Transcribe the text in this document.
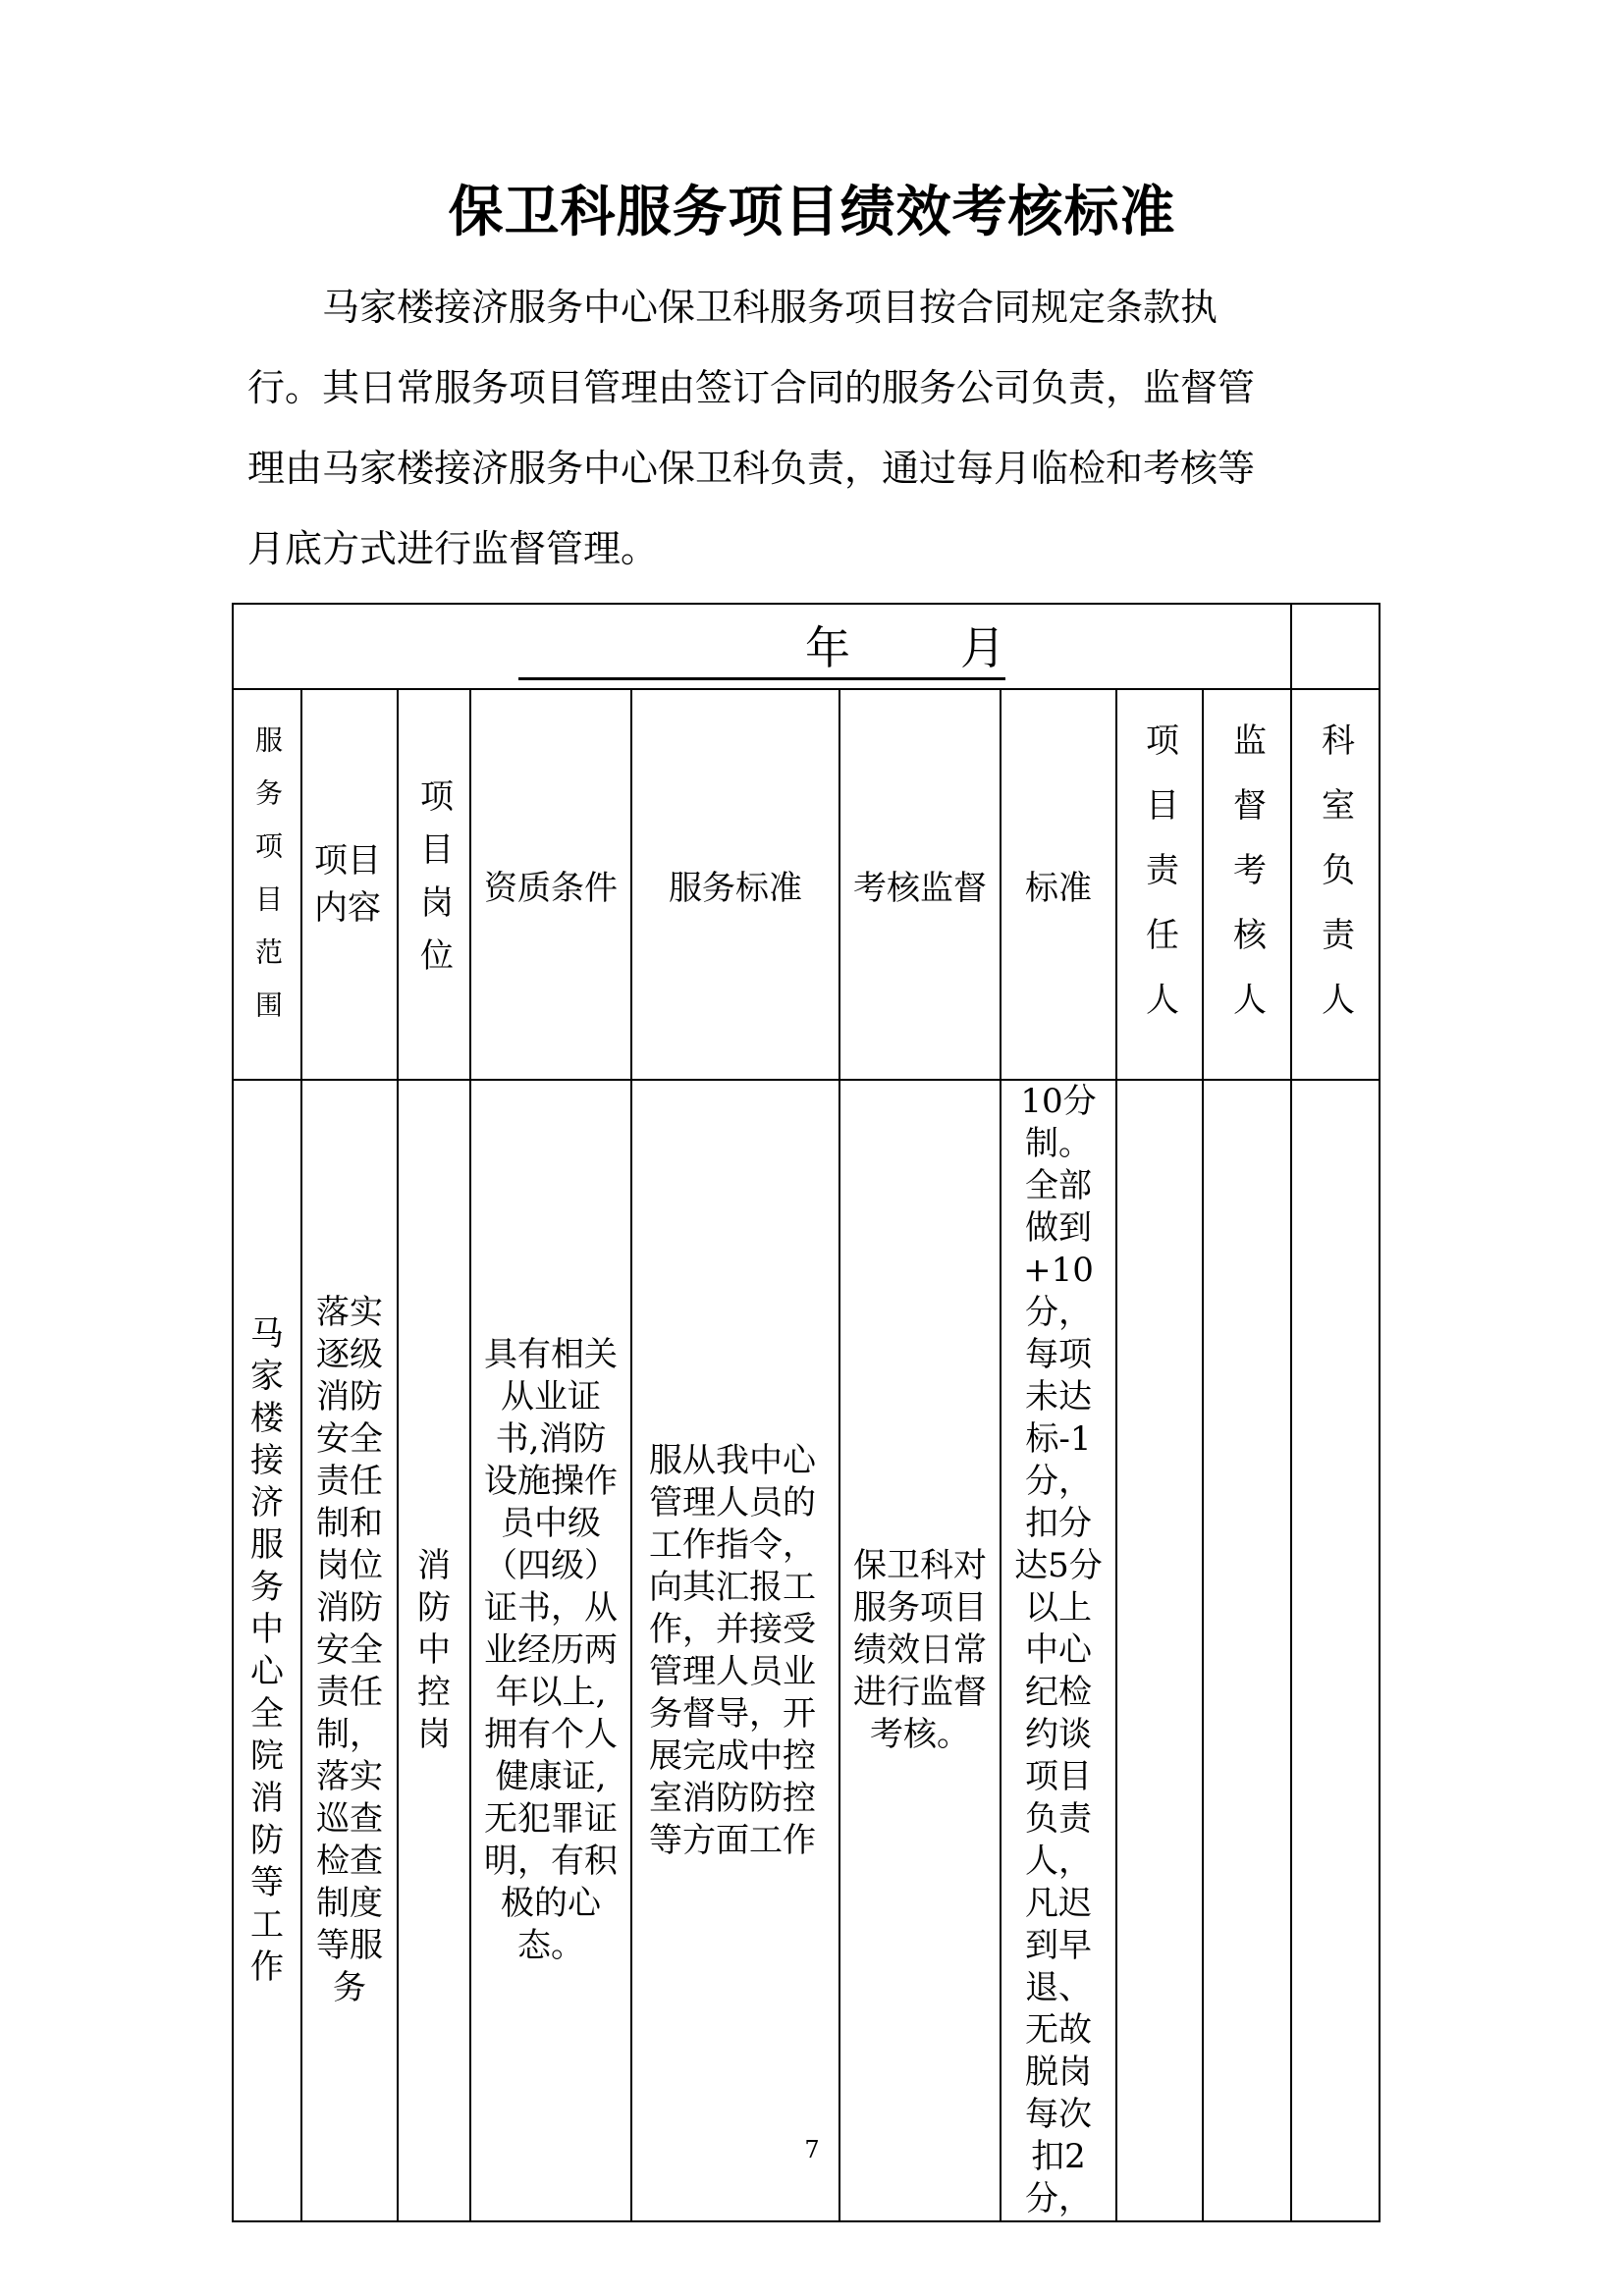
保卫科服务项目绩效考核标准
马家楼接济服务中心保卫科服务项目按合同规定条款执
行。其日常服务项目管理由签订合同的服务公司负责，监督管
理由马家楼接济服务中心保卫科负责，通过每月临检和考核等
月底方式进行监督管理。
年 月									

服务项目范围	项目内容	项目岗位	资质条件	服务标准	考核监督	标准	项目责任人	监督考核人	科室负责人

马家楼接济服务中心全院消防等工作	落实逐级消防安全责任制和岗位消防安全责任制，落实巡查检查制度等服务	消防中控岗	具有相关从业证书,消防设施操作员中级（四级）证书，从业经历两年以上,拥有个人健康证,无犯罪证明，有积极的心态。	服从我中心管理人员的工作指令，向其汇报工作，并接受管理人员业务督导，开展完成中控室消防防控等方面工作	保卫科对服务项目绩效日常进行监督考核。	10分制。全部做到+10分，每项未达标-1分，扣分达5分以上中心纪检约谈项目负责人，凡迟到早退、无故脱岗每次扣2分，			
7
